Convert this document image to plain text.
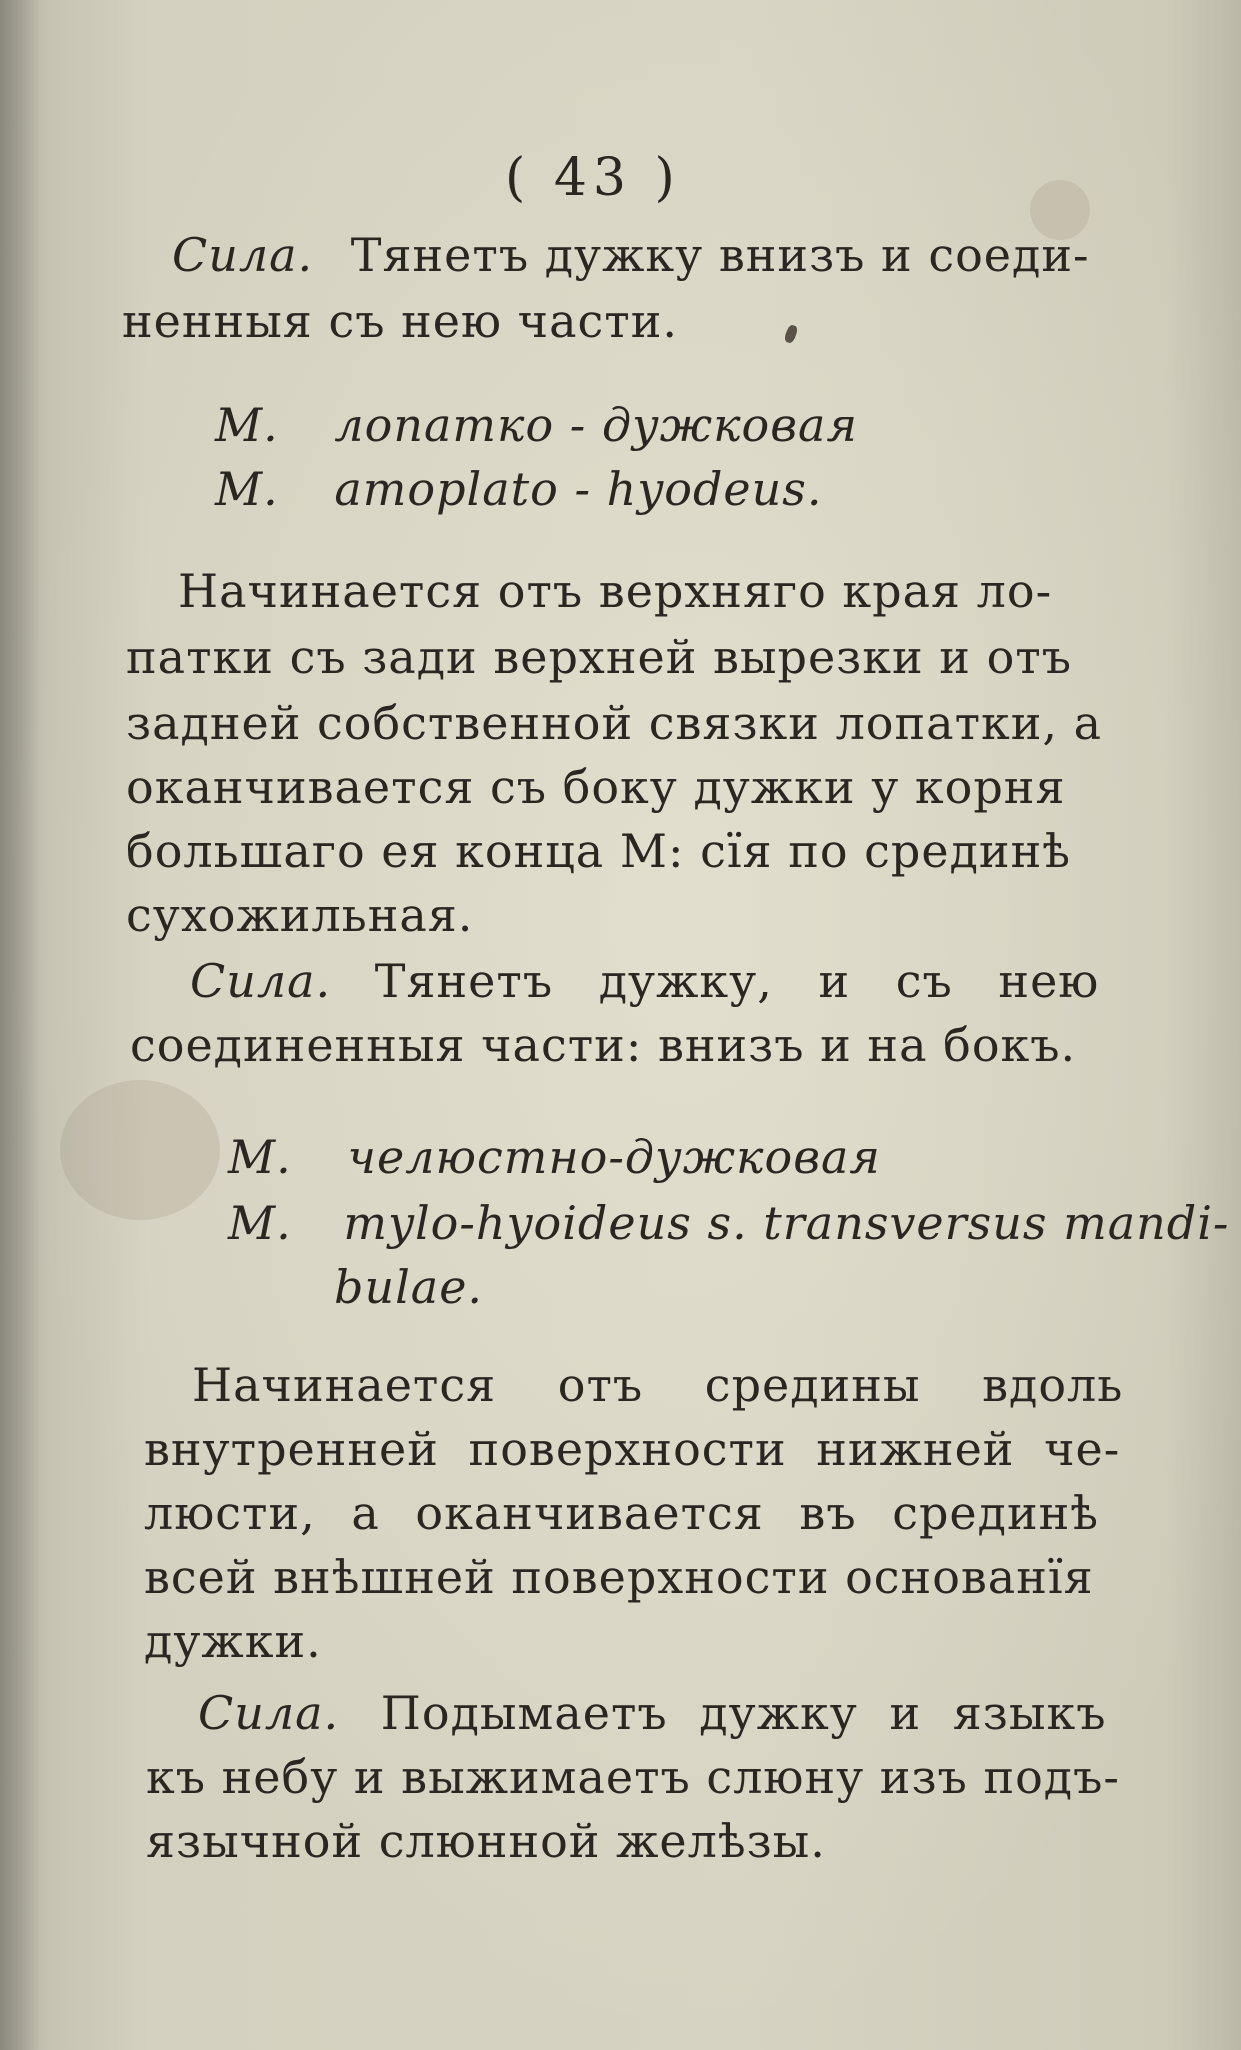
( 43 )
Сила. Тянетъ дужку внизъ и соеди-
ненныя съ нею части.
М. лопатко - дужковая
M. amoplato - hyodeus.
Начинается отъ верхняго края ло-
патки съ зади верхней вырезки и отъ
задней собственной связки лопатки, а
оканчивается съ боку дужки у корня
большаго ея конца М: сїя по срединѣ
сухожильная.
Сила. Тянетъ дужку, и съ нею
соединенныя части: внизъ и на бокъ.
М. челюстно-дужковая
M. mylo-hyoideus s. transversus mandi-
bulae.
Начинается отъ средины вдоль
внутренней поверхности нижней че-
люсти, а оканчивается въ срединѣ
всей внѣшней поверхности основанїя
дужки.
Сила. Подымаетъ дужку и языкъ
къ небу и выжимаетъ слюну изъ подъ-
язычной слюнной желѣзы.
